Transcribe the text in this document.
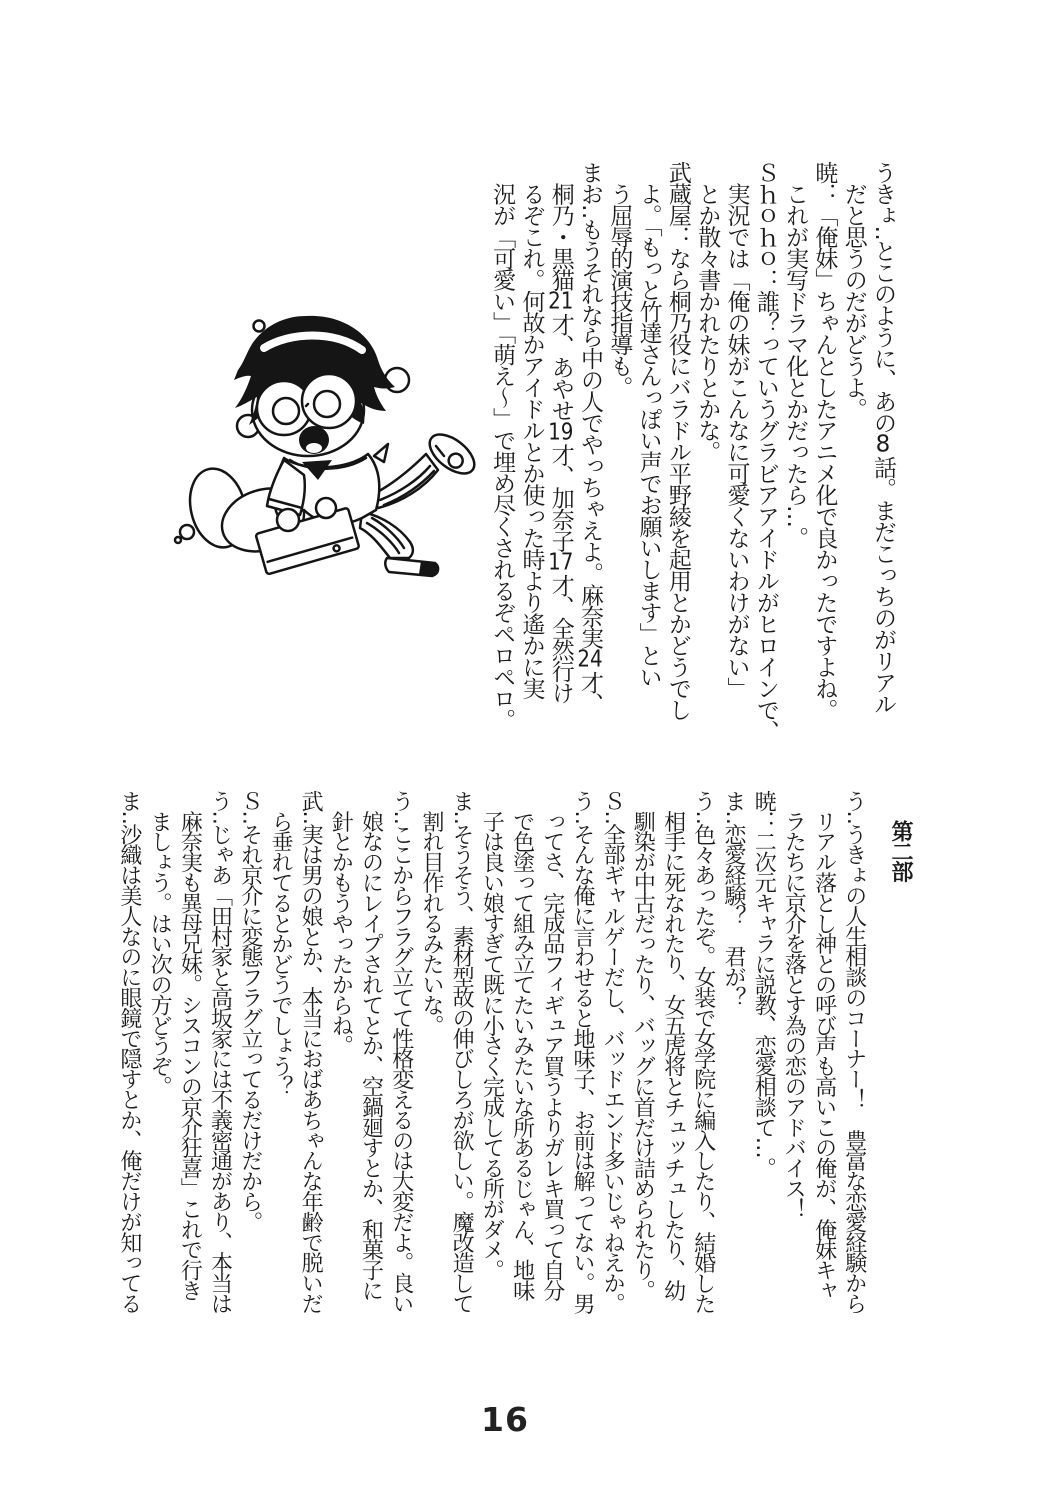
うきょ‥とこのように、あの8話。まだこっちのがリアル
　だと思うのだがどうよ。
暁：「俺妹」ちゃんとしたアニメ化で良かったですよね。
　これが実写ドラマ化とかだったら…。
Ｓｈｏｈｏ：誰？っていうグラビアアイドルがヒロインで、
　実況では「俺の妹がこんなに可愛くないわけがない」
　とか散々書かれたりとかな。
武蔵屋：なら桐乃役にバラドル平野綾を起用とかどうでし
　よ。「もっと竹達さんっぽい声でお願いします」とい
　う屈辱的演技指導も。
まお‥もうそれなら中の人でやっちゃえよ。麻奈実24才、
　桐乃・黒猫21才、あやせ19才、加奈子17才、全然行け
　るぞこれ。何故かアイドルとか使った時より遙かに実
　況が「可愛い」「萌え〜」で埋め尽くされるぞペロペロ。
第二部
う‥うきょの人生相談のコーナー！　豊富な恋愛経験から
　リアル落とし神との呼び声も高いこの俺が、俺妹キャ
　ラたちに京介を落とす為の恋のアドバイス！
暁：二次元キャラに説教、恋愛相談て…。
ま‥恋愛経験？　君が？
う‥色々あったぞ。女装で女学院に編入したり、結婚した
　相手に死なれたり、女五虎将とチュッチュしたり、幼
　馴染が中古だったり、バッグに首だけ詰められたり。
Ｓ‥全部ギャルゲーだし、バッドエンド多いじゃねえか。
う‥そんな俺に言わせると地味子、お前は解ってない。男
　ってさ、完成品フィギュア買うよりガレキ買って自分
　で色塗って組み立てたいみたいな所あるじゃん、地味
　子は良い娘すぎて既に小さく完成してる所がダメ。
ま‥そうそう、素材型故の伸びしろが欲しい。魔改造して
　割れ目作れるみたいな。
う‥ここからフラグ立てて性格変えるのは大変だよ。良い
　娘なのにレイプされてとか、空鍋廻すとか、和菓子に
　針とかもうやったからね。
武‥実は男の娘とか、本当におばあちゃんな年齢で脱いだ
　ら垂れてるとかどうでしょう？
Ｓ‥それ京介に変態フラグ立ってるだけだから。
う‥じゃあ「田村家と高坂家には不義密通があり、本当は
　麻奈実も異母兄妹。シスコンの京介狂喜」これで行き
　ましょう。はい次の方どうぞ。
ま‥沙織は美人なのに眼鏡で隠すとか、俺だけが知ってる
16
